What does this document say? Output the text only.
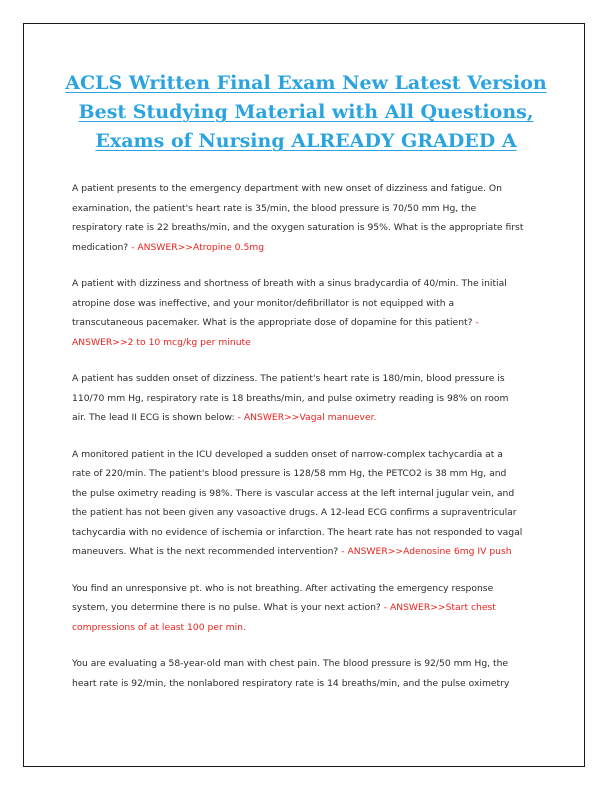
ACLS Written Final Exam New Latest Version
Best Studying Material with All Questions,
Exams of Nursing ALREADY GRADED A
A patient presents to the emergency department with new onset of dizziness and fatigue. On
examination, the patient's heart rate is 35/min, the blood pressure is 70/50 mm Hg, the
respiratory rate is 22 breaths/min, and the oxygen saturation is 95%. What is the appropriate first
medication? - ANSWER>>Atropine 0.5mg
A patient with dizziness and shortness of breath with a sinus bradycardia of 40/min. The initial
atropine dose was ineffective, and your monitor/defibrillator is not equipped with a
transcutaneous pacemaker. What is the appropriate dose of dopamine for this patient? -
ANSWER>>2 to 10 mcg/kg per minute
A patient has sudden onset of dizziness. The patient's heart rate is 180/min, blood pressure is
110/70 mm Hg, respiratory rate is 18 breaths/min, and pulse oximetry reading is 98% on room
air. The lead II ECG is shown below: - ANSWER>>Vagal manuever.
A monitored patient in the ICU developed a sudden onset of narrow-complex tachycardia at a
rate of 220/min. The patient's blood pressure is 128/58 mm Hg, the PETCO2 is 38 mm Hg, and
the pulse oximetry reading is 98%. There is vascular access at the left internal jugular vein, and
the patient has not been given any vasoactive drugs. A 12-lead ECG confirms a supraventricular
tachycardia with no evidence of ischemia or infarction. The heart rate has not responded to vagal
maneuvers. What is the next recommended intervention? - ANSWER>>Adenosine 6mg IV push
You find an unresponsive pt. who is not breathing. After activating the emergency response
system, you determine there is no pulse. What is your next action? - ANSWER>>Start chest
compressions of at least 100 per min.
You are evaluating a 58-year-old man with chest pain. The blood pressure is 92/50 mm Hg, the
heart rate is 92/min, the nonlabored respiratory rate is 14 breaths/min, and the pulse oximetry
